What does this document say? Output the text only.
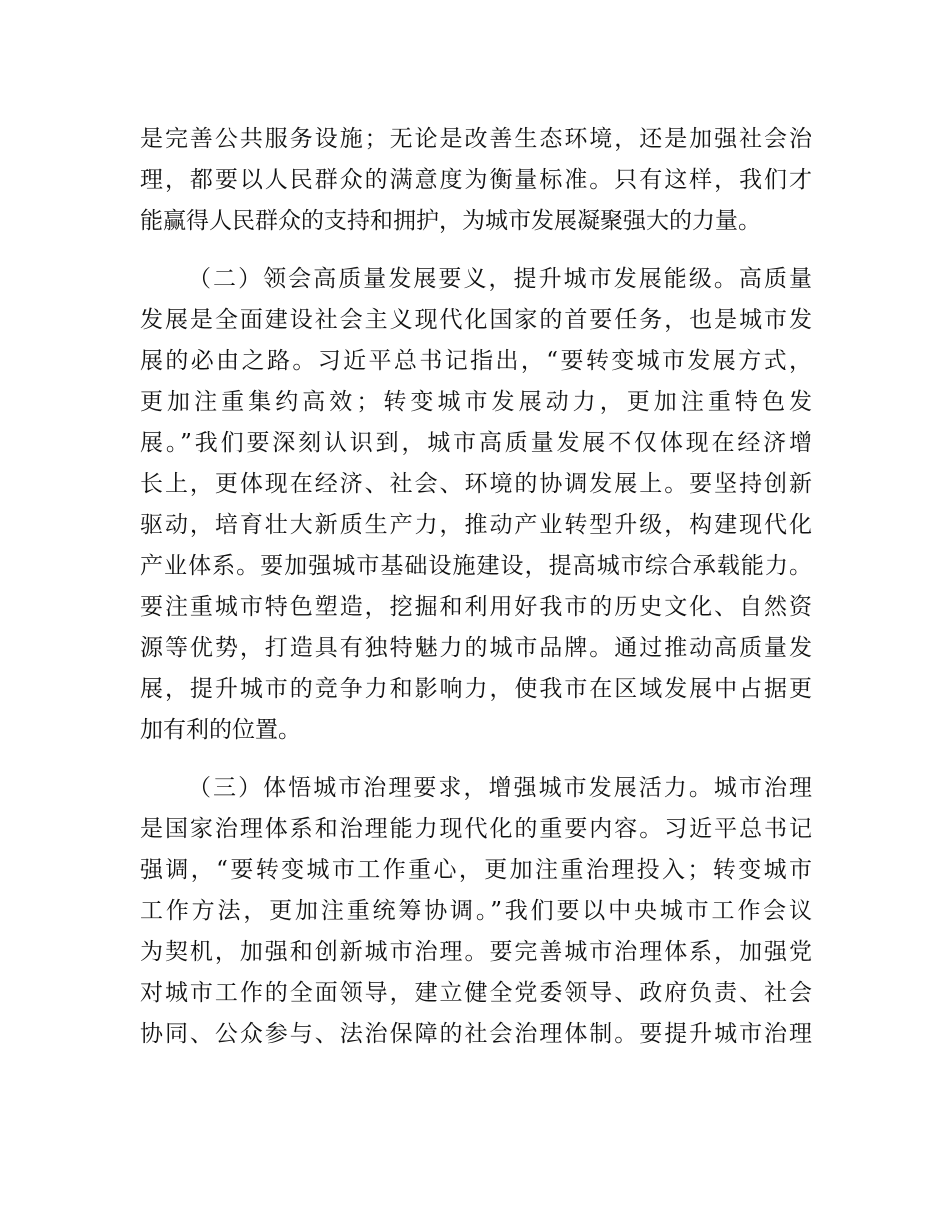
是完善公共服务设施；无论是改善生态环境，还是加强社会治
理，都要以人民群众的满意度为衡量标准。只有这样，我们才
能赢得人民群众的支持和拥护，为城市发展凝聚强大的力量。
（二）领会高质量发展要义，提升城市发展能级。高质量
发展是全面建设社会主义现代化国家的首要任务，也是城市发
展的必由之路。习近平总书记指出，“要转变城市发展方式，
更加注重集约高效；转变城市发展动力，更加注重特色发
展。”我们要深刻认识到，城市高质量发展不仅体现在经济增
长上，更体现在经济、社会、环境的协调发展上。要坚持创新
驱动，培育壮大新质生产力，推动产业转型升级，构建现代化
产业体系。要加强城市基础设施建设，提高城市综合承载能力。
要注重城市特色塑造，挖掘和利用好我市的历史文化、自然资
源等优势，打造具有独特魅力的城市品牌。通过推动高质量发
展，提升城市的竞争力和影响力，使我市在区域发展中占据更
加有利的位置。
（三）体悟城市治理要求，增强城市发展活力。城市治理
是国家治理体系和治理能力现代化的重要内容。习近平总书记
强调，“要转变城市工作重心，更加注重治理投入；转变城市
工作方法，更加注重统筹协调。”我们要以中央城市工作会议
为契机，加强和创新城市治理。要完善城市治理体系，加强党
对城市工作的全面领导，建立健全党委领导、政府负责、社会
协同、公众参与、法治保障的社会治理体制。要提升城市治理
